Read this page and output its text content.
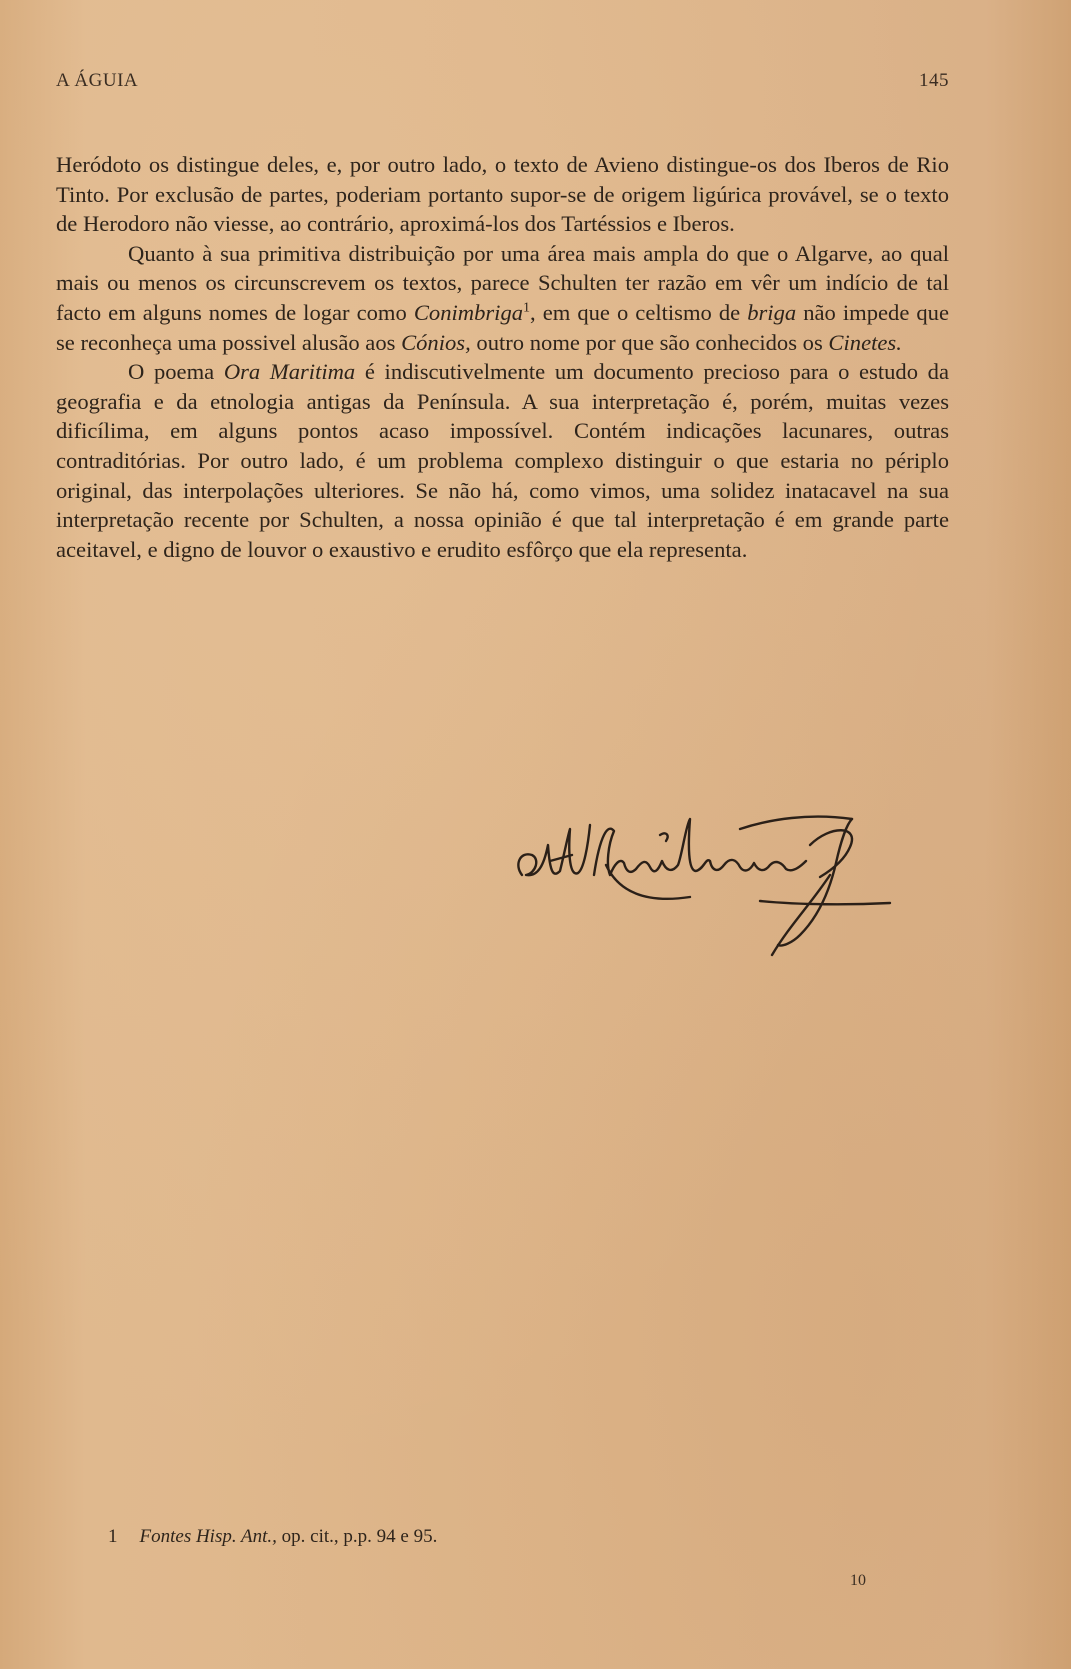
A ÁGUIA	145

Heródoto os distingue deles, e, por outro lado, o texto de Avieno distingue-os dos Iberos de Rio Tinto. Por exclusão de partes, poderiam portanto supor-se de origem ligúrica provável, se o texto de Herodoro não viesse, ao contrário, aproximá-los dos Tartéssios e Iberos.

Quanto à sua primitiva distribuição por uma área mais ampla do que o Algarve, ao qual mais ou menos os circunscrevem os textos, parece Schulten ter razão em vêr um indício de tal facto em alguns nomes de logar como Conimbriga$^1$, em que o celtismo de briga não impede que se reconheça uma possivel alusão aos Cónios, outro nome por que são conhecidos os Cinetes.

O poema Ora Maritima é indiscutivelmente um documento precioso para o estudo da geografia e da etnologia antigas da Península. A sua interpretação é, porém, muitas vezes dificílima, em alguns pontos acaso impossível. Contém indicações lacunares, outras contraditórias. Por outro lado, é um problema complexo distinguir o que estaria no périplo original, das interpolações ulteriores. Se não há, como vimos, uma solidez inatacavel na sua interpretação recente por Schulten, a nossa opinião é que tal interpretação é em grande parte aceitavel, e digno de louvor o exaustivo e erudito esfôrço que ela representa.

1 Fontes Hisp. Ant., op. cit., p.p. 94 e 95.
10
